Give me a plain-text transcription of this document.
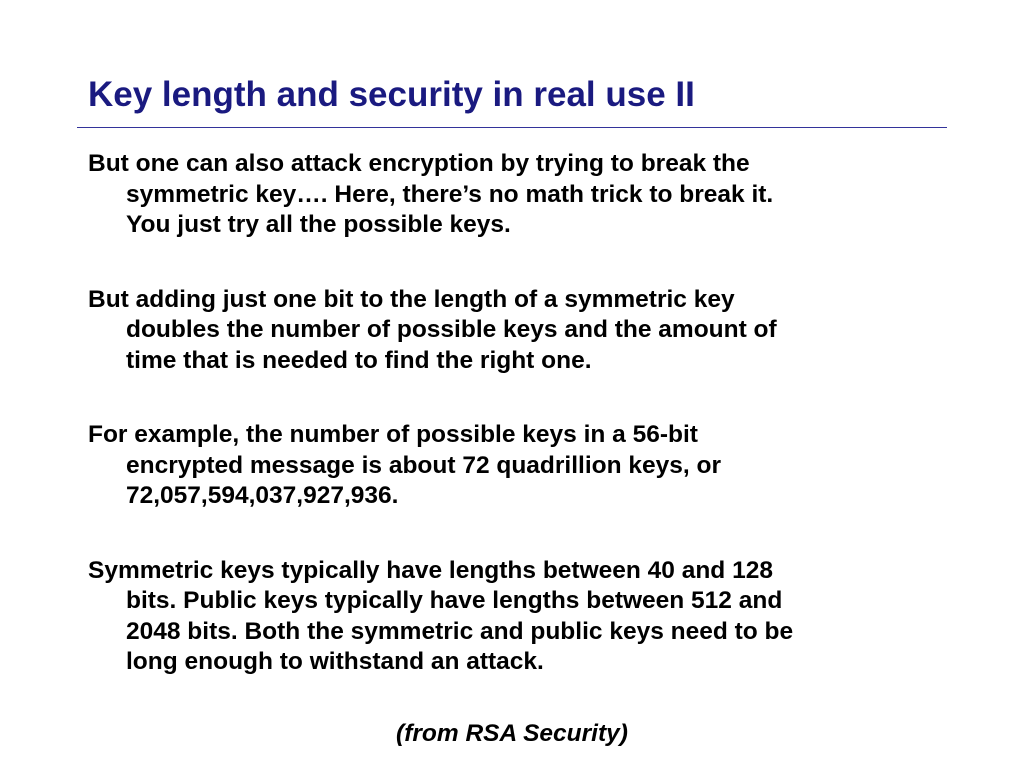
Key length and security in real use II
But one can also attack encryption by trying to break the
symmetric key…. Here, there’s no math trick to break it.
You just try all the possible keys.
But adding just one bit to the length of a symmetric key
doubles the number of possible keys and the amount of
time that is needed to find the right one.
For example, the number of possible keys in a 56-bit
encrypted message is about 72 quadrillion keys, or
72,057,594,037,927,936.
Symmetric keys typically have lengths between 40 and 128
bits. Public keys typically have lengths between 512 and
2048 bits. Both the symmetric and public keys need to be
long enough to withstand an attack.
(from RSA Security)
